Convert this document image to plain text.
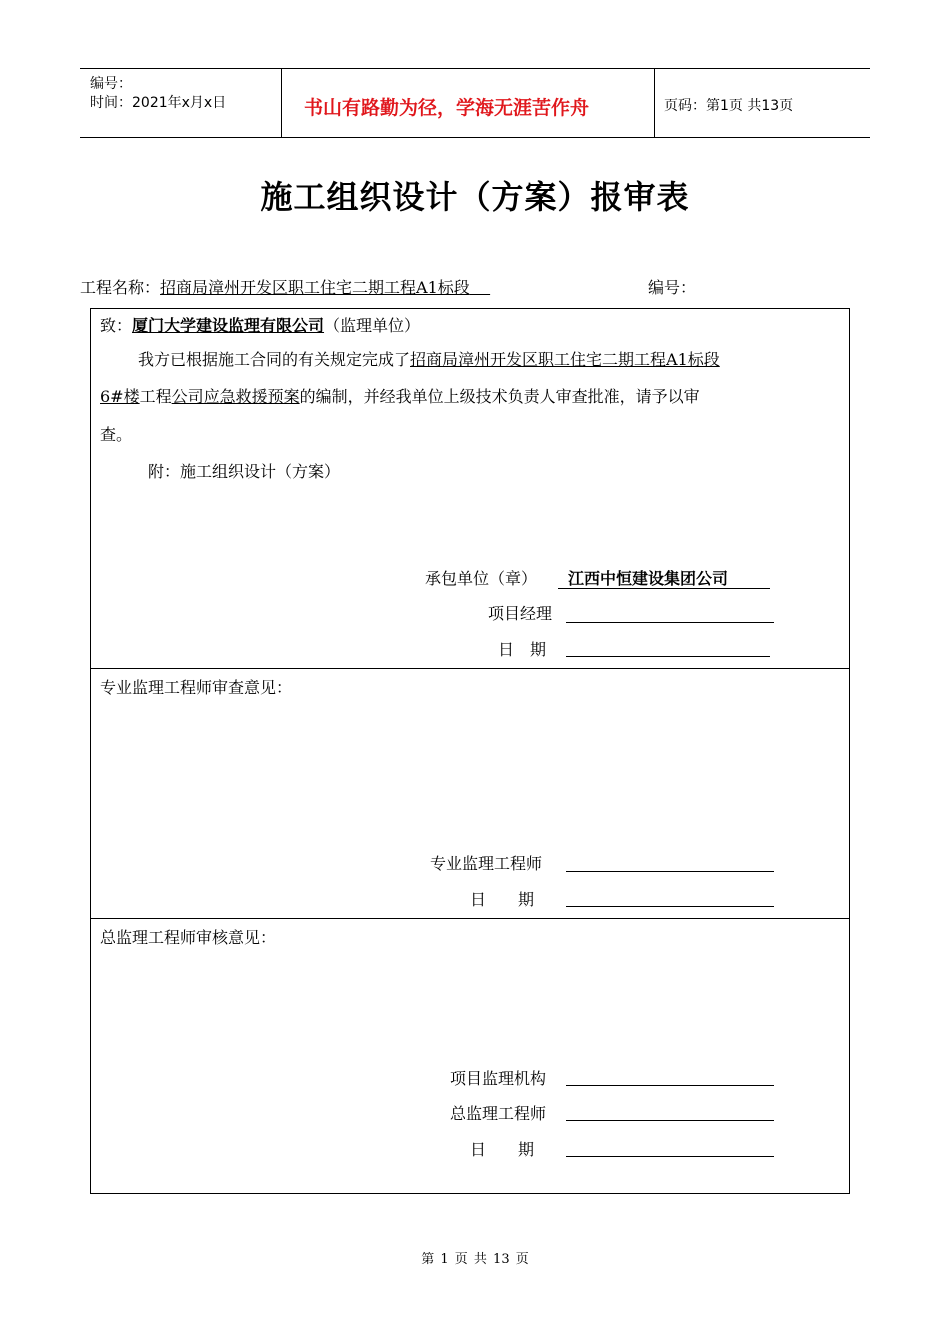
编号：
时间：2021年x月x日	书山有路勤为径，学海无涯苦作舟	页码：第1页 共13页
施工组织设计（方案）报审表
工程名称：招商局漳州开发区职工住宅二期工程A1标段	编号：
致：厦门大学建设监理有限公司（监理单位）
我方已根据施工合同的有关规定完成了招商局漳州开发区职工住宅二期工程A1标段
6#楼工程公司应急救援预案的编制，并经我单位上级技术负责人审查批准，请予以审
查。
附：施工组织设计（方案）
承包单位（章） 江西中恒建设集团公司
项目经理
日　期
专业监理工程师审查意见：
专业监理工程师
日　　期
总监理工程师审核意见：
项目监理机构
总监理工程师
日　　期
第 1 页 共 13 页
